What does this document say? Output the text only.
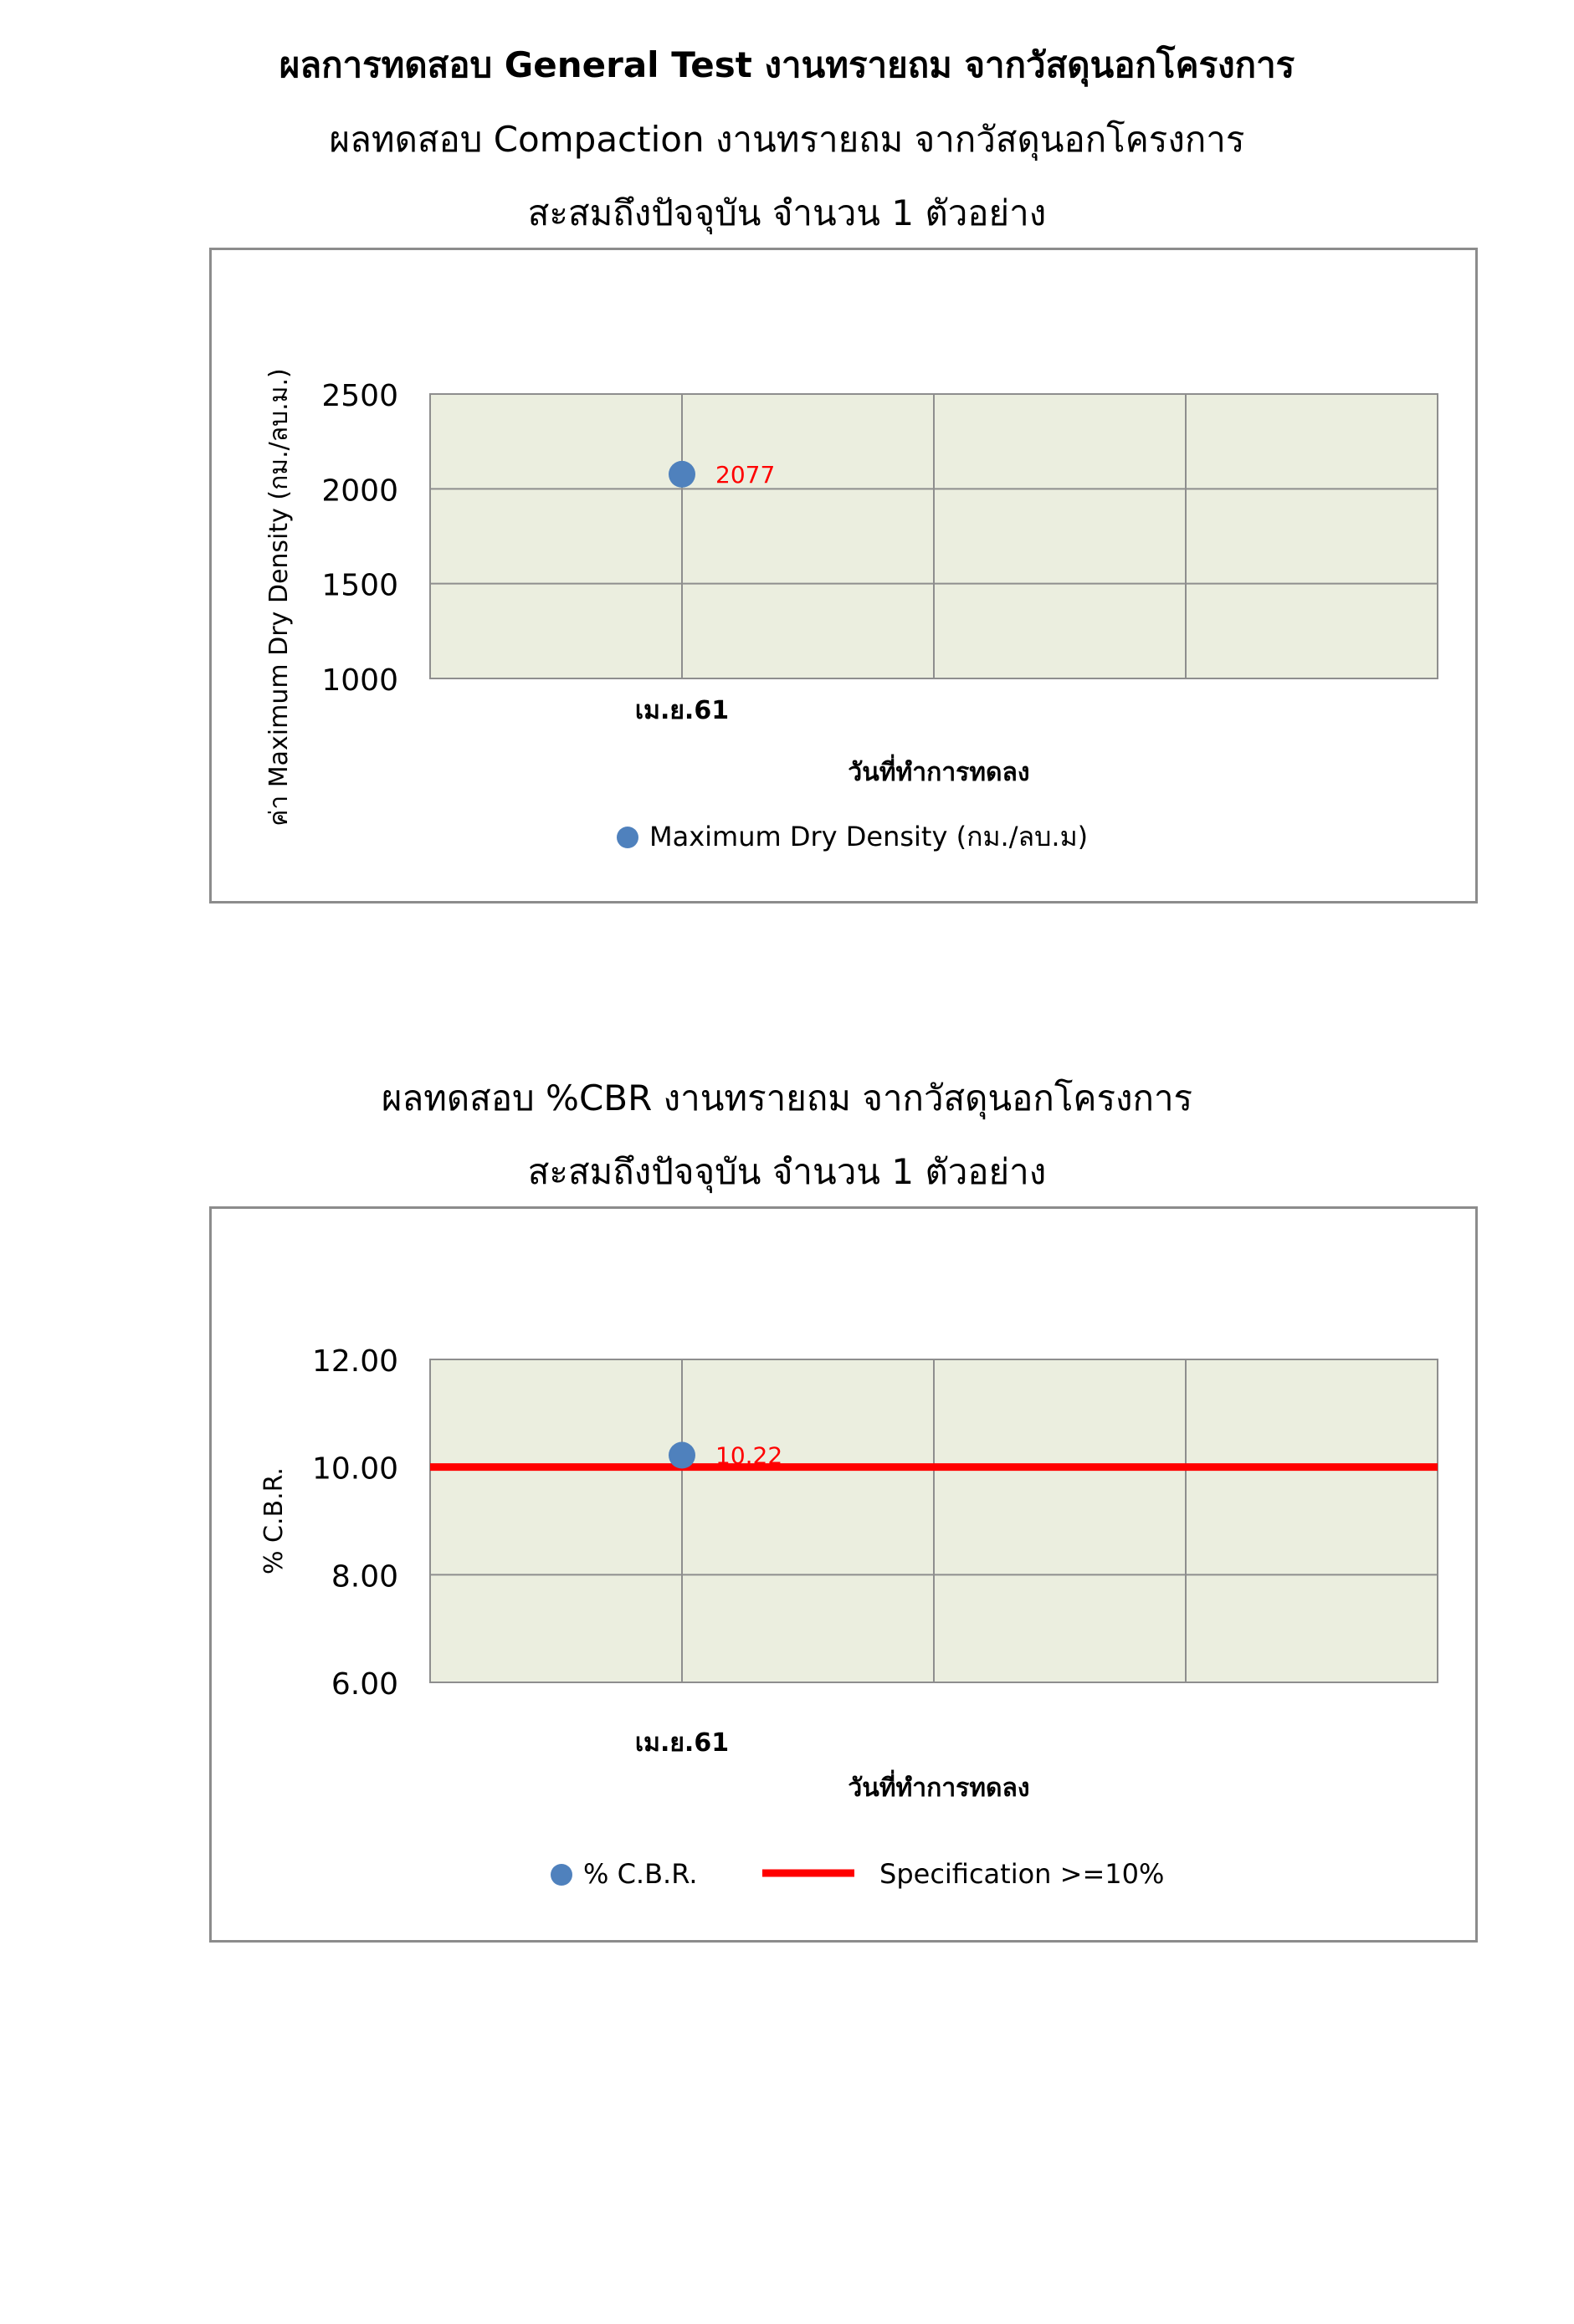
ผลการทดสอบ General Test งานทรายถม จากวัสดุนอกโครงการ
ผลทดสอบ Compaction งานทรายถม จากวัสดุนอกโครงการ
สะสมถึงปัจจุบัน จำนวน 1 ตัวอย่าง
1000
1500
2000
2500
เม.ย.61
2077
วันที่ทำการทดลง
ค่า Maximum Dry Density (กม./ลบ.ม.)
Maximum Dry Density (กม./ลบ.ม)
ผลทดสอบ %CBR งานทรายถม จากวัสดุนอกโครงการ
สะสมถึงปัจจุบัน จำนวน 1 ตัวอย่าง
6.00
8.00
10.00
12.00
เม.ย.61
10.22
วันที่ทำการทดลง
% C.B.R.
% C.B.R.	Specification >=10%
